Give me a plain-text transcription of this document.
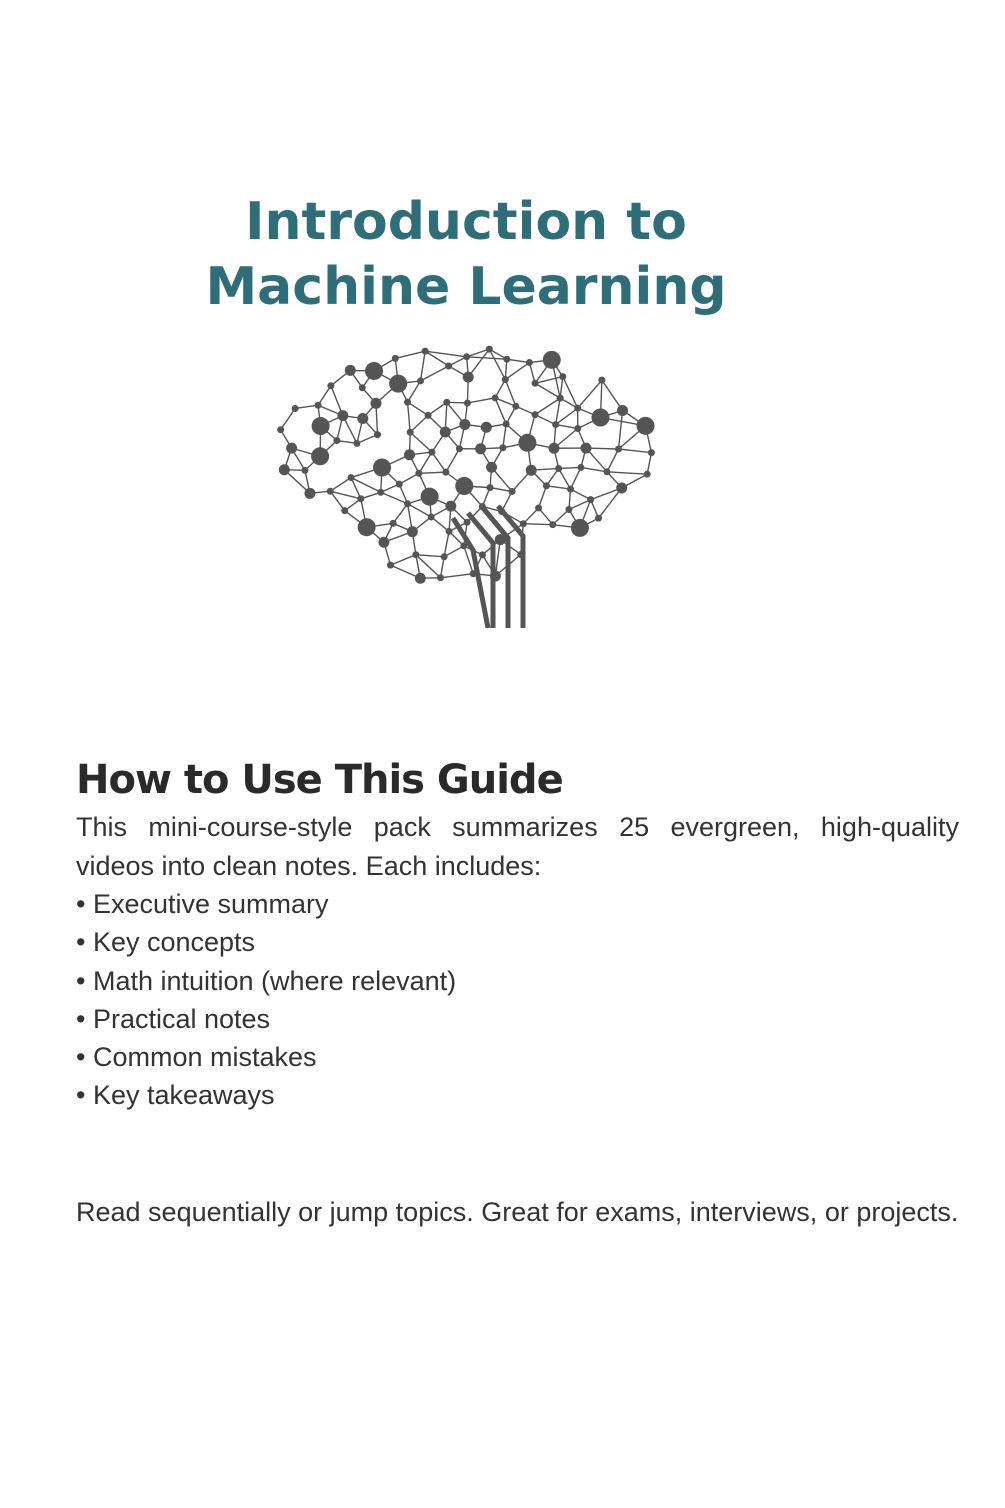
Introduction to
Machine Learning
How to Use This Guide

This mini-course-style pack summarizes 25 evergreen, high-quality videos into clean notes. Each includes:

• Executive summary
• Key concepts
• Math intuition (where relevant)
• Practical notes
• Common mistakes
• Key takeaways

Read sequentially or jump topics. Great for exams, interviews, or projects.
